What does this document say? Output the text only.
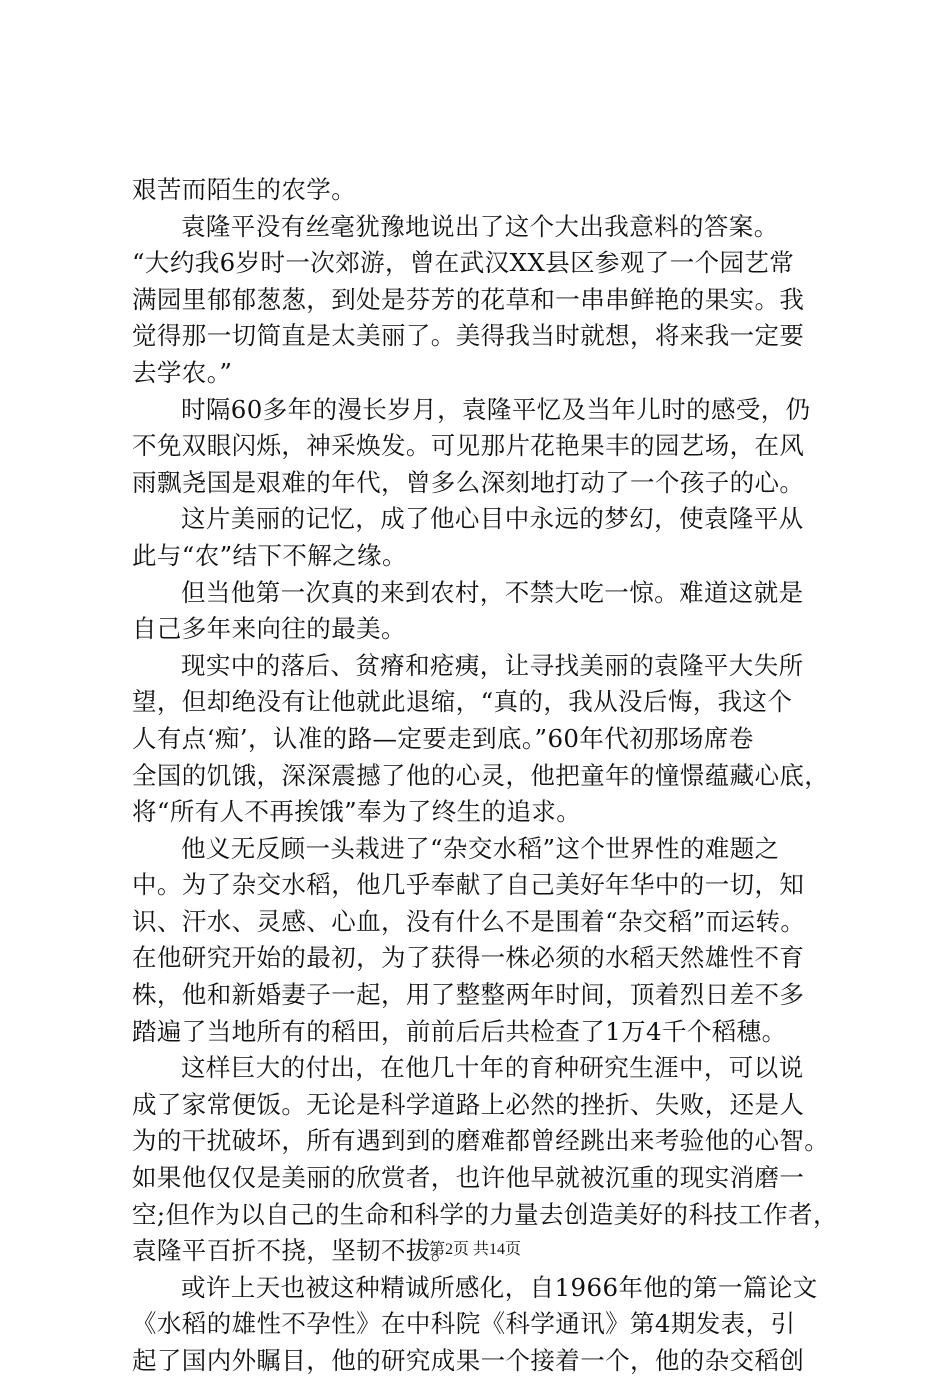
艰苦而陌生的农学。
袁隆平没有丝毫犹豫地说出了这个大出我意料的答案。
“大约我6岁时一次郊游，曾在武汉XX县区参观了一个园艺常
满园里郁郁葱葱，到处是芬芳的花草和一串串鲜艳的果实。我
觉得那一切简直是太美丽了。美得我当时就想，将来我一定要
去学农。”
时隔60多年的漫长岁月，袁隆平忆及当年儿时的感受，仍
不免双眼闪烁，神采焕发。可见那片花艳果丰的园艺场，在风
雨飘尧国是艰难的年代，曾多么深刻地打动了一个孩子的心。
这片美丽的记忆，成了他心目中永远的梦幻，使袁隆平从
此与“农”结下不解之缘。
但当他第一次真的来到农村，不禁大吃一惊。难道这就是
自己多年来向往的最美。
现实中的落后、贫瘠和疮痍，让寻找美丽的袁隆平大失所
望，但却绝没有让他就此退缩，“真的，我从没后悔，我这个
人有点‘痴’，认准的路—定要走到底。”60年代初那场席卷
全国的饥饿，深深震撼了他的心灵，他把童年的憧憬蕴藏心底，
将“所有人不再挨饿”奉为了终生的追求。
他义无反顾一头栽进了“杂交水稻”这个世界性的难题之
中。为了杂交水稻，他几乎奉献了自己美好年华中的一切，知
识、汗水、灵感、心血，没有什么不是围着“杂交稻”而运转。
在他研究开始的最初，为了获得一株必须的水稻天然雄性不育
株，他和新婚妻子一起，用了整整两年时间，顶着烈日差不多
踏遍了当地所有的稻田，前前后后共检查了1万4千个稻穗。
这样巨大的付出，在他几十年的育种研究生涯中，可以说
成了家常便饭。无论是科学道路上必然的挫折、失败，还是人
为的干扰破坏，所有遇到到的磨难都曾经跳出来考验他的心智。
如果他仅仅是美丽的欣赏者，也许他早就被沉重的现实消磨一
空;但作为以自己的生命和科学的力量去创造美好的科技工作者，
袁隆平百折不挠，坚韧不拔。
或许上天也被这种精诚所感化，自1966年他的第一篇论文
《水稻的雄性不孕性》在中科院《科学通讯》第4期发表，引
起了国内外瞩目，他的研究成果一个接着一个，他的杂交稻创
第2页 共14页
